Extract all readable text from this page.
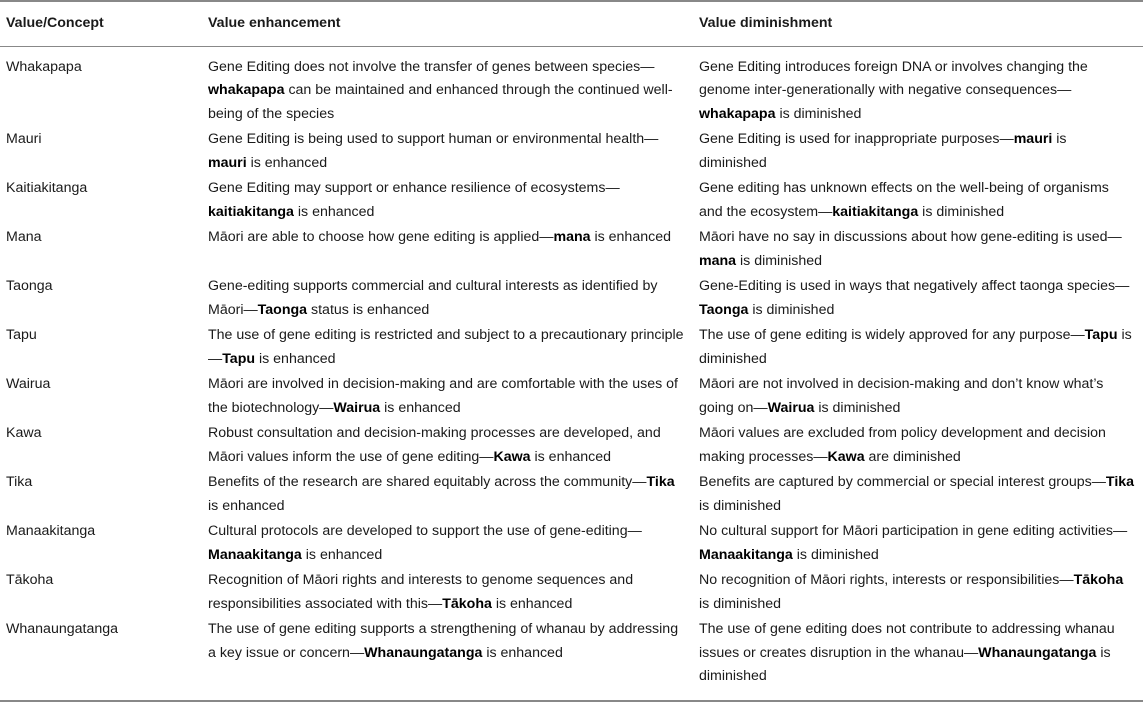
Value/Concept	Value enhancement	Value diminishment
Whakapapa	Gene Editing does not involve the transfer of genes between species—whakapapa can be maintained and enhanced through the continued well-being of the species	Gene Editing introduces foreign DNA or involves changing the genome inter-generationally with negative consequences—whakapapa is diminished
Mauri	Gene Editing is being used to support human or environmental health—mauri is enhanced	Gene Editing is used for inappropriate purposes—mauri is diminished
Kaitiakitanga	Gene Editing may support or enhance resilience of ecosystems—kaitiakitanga is enhanced	Gene editing has unknown effects on the well-being of organisms and the ecosystem—kaitiakitanga is diminished
Mana	Māori are able to choose how gene editing is applied—mana is enhanced	Māori have no say in discussions about how gene-editing is used—mana is diminished
Taonga	Gene-editing supports commercial and cultural interests as identified by Māori—Taonga status is enhanced	Gene-Editing is used in ways that negatively affect taonga species—Taonga is diminished
Tapu	The use of gene editing is restricted and subject to a precautionary principle—Tapu is enhanced	The use of gene editing is widely approved for any purpose—Tapu is diminished
Wairua	Māori are involved in decision-making and are comfortable with the uses of the biotechnology—Wairua is enhanced	Māori are not involved in decision-making and don’t know what’s going on—Wairua is diminished
Kawa	Robust consultation and decision-making processes are developed, and Māori values inform the use of gene editing—Kawa is enhanced	Māori values are excluded from policy development and decision making processes—Kawa are diminished
Tika	Benefits of the research are shared equitably across the community—Tika is enhanced	Benefits are captured by commercial or special interest groups—Tika is diminished
Manaakitanga	Cultural protocols are developed to support the use of gene-editing—Manaakitanga is enhanced	No cultural support for Māori participation in gene editing activities—Manaakitanga is diminished
Tākoha	Recognition of Māori rights and interests to genome sequences and responsibilities associated with this—Tākoha is enhanced	No recognition of Māori rights, interests or responsibilities—Tākoha is diminished
Whanaungatanga	The use of gene editing supports a strengthening of whanau by addressing a key issue or concern—Whanaungatanga is enhanced	The use of gene editing does not contribute to addressing whanau issues or creates disruption in the whanau—Whanaungatanga is diminished
